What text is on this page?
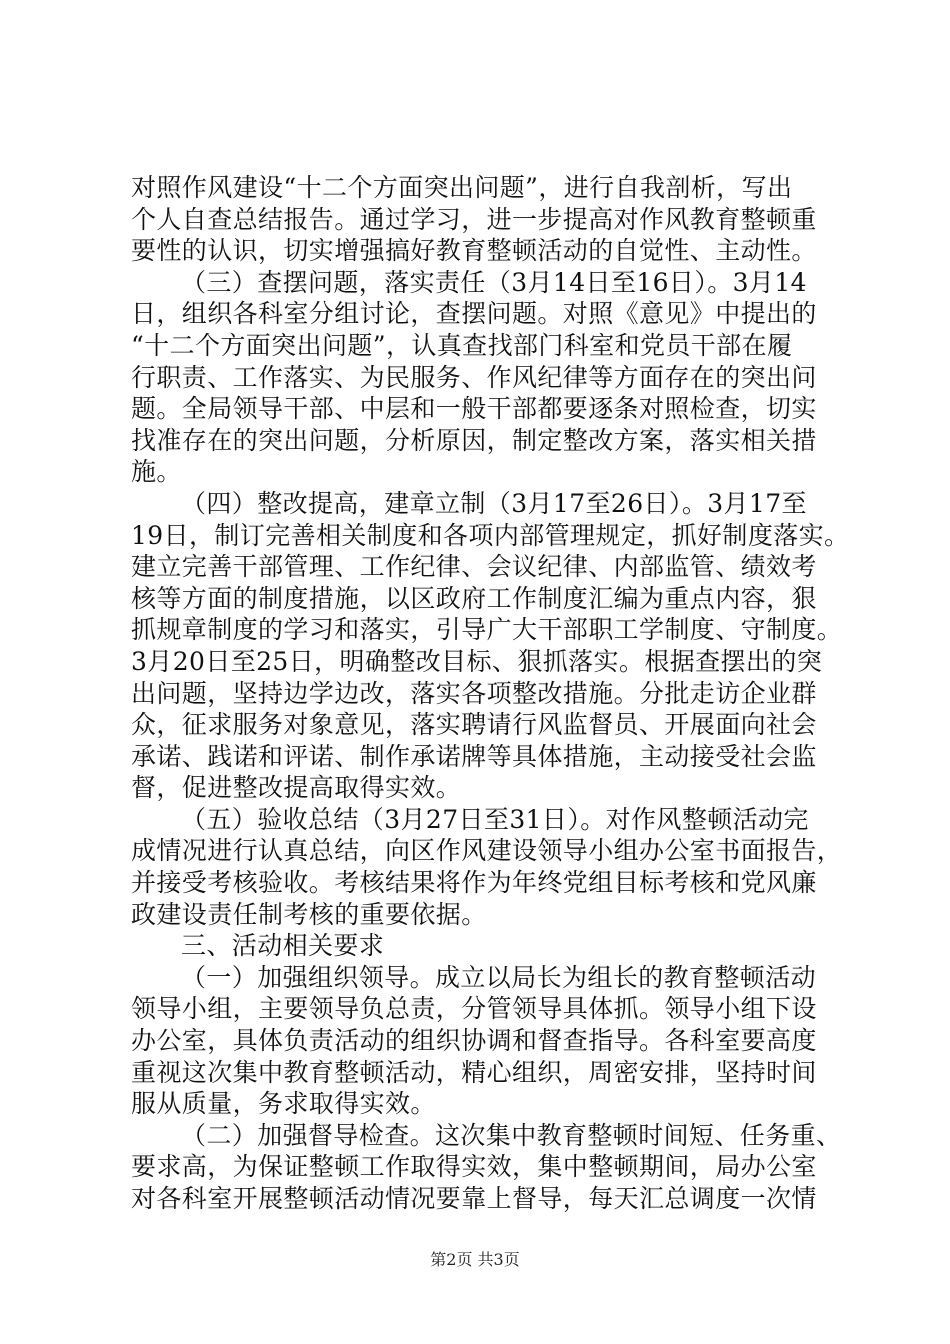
对照作风建设“十二个方面突出问题”，进行自我剖析，写出
个人自查总结报告。通过学习，进一步提高对作风教育整顿重
要性的认识，切实增强搞好教育整顿活动的自觉性、主动性。
（三）查摆问题，落实责任（3月14日至16日）。3月14
日，组织各科室分组讨论，查摆问题。对照《意见》中提出的
“十二个方面突出问题”，认真查找部门科室和党员干部在履
行职责、工作落实、为民服务、作风纪律等方面存在的突出问
题。全局领导干部、中层和一般干部都要逐条对照检查，切实
找准存在的突出问题，分析原因，制定整改方案，落实相关措
施。
（四）整改提高，建章立制（3月17至26日）。3月17至
19日，制订完善相关制度和各项内部管理规定，抓好制度落实。
建立完善干部管理、工作纪律、会议纪律、内部监管、绩效考
核等方面的制度措施，以区政府工作制度汇编为重点内容，狠
抓规章制度的学习和落实，引导广大干部职工学制度、守制度。
3月20日至25日，明确整改目标、狠抓落实。根据查摆出的突
出问题，坚持边学边改，落实各项整改措施。分批走访企业群
众，征求服务对象意见，落实聘请行风监督员、开展面向社会
承诺、践诺和评诺、制作承诺牌等具体措施，主动接受社会监
督，促进整改提高取得实效。
（五）验收总结（3月27日至31日）。对作风整顿活动完
成情况进行认真总结，向区作风建设领导小组办公室书面报告，
并接受考核验收。考核结果将作为年终党组目标考核和党风廉
政建设责任制考核的重要依据。
三、活动相关要求
（一）加强组织领导。成立以局长为组长的教育整顿活动
领导小组，主要领导负总责，分管领导具体抓。领导小组下设
办公室，具体负责活动的组织协调和督查指导。各科室要高度
重视这次集中教育整顿活动，精心组织，周密安排，坚持时间
服从质量，务求取得实效。
（二）加强督导检查。这次集中教育整顿时间短、任务重、
要求高，为保证整顿工作取得实效，集中整顿期间，局办公室
对各科室开展整顿活动情况要靠上督导，每天汇总调度一次情
第2页 共3页
